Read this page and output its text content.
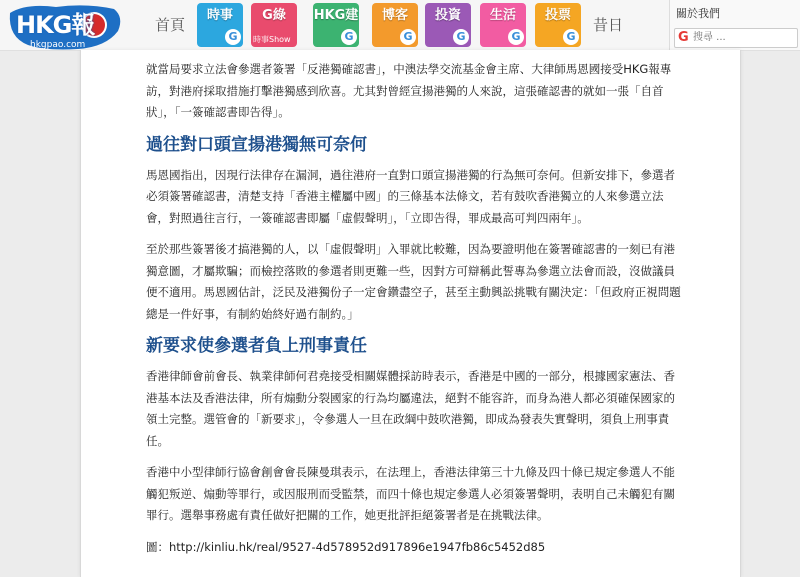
HKG報
hkgpao.com
首頁
時事
G
G綠
時事Show
HKG建
G
博客
G
投資
G
生活
G
投票
G
昔日
關於我們
G
搜尋 ...

就當局要求立法會參選者簽署「反港獨確認書」，中澳法學交流基金會主席、大律師馬恩國接受HKG報專訪，對港府採取措施打擊港獨感到欣喜。尤其對曾經宣揚港獨的人來說，這張確認書的就如一張「自首狀」，「一簽確認書即告得」。

過往對口頭宣揚港獨無可奈何

馬恩國指出，因現行法律存在漏洞，過往港府一直對口頭宣揚港獨的行為無可奈何。但新安排下，參選者必須簽署確認書，清楚支持「香港主權屬中國」的三條基本法條文，若有鼓吹香港獨立的人來參選立法會，對照過往言行，一簽確認書即屬「虛假聲明」，「立即告得，罪成最高可判四兩年」。

至於那些簽署後才搞港獨的人，以「虛假聲明」入罪就比較難，因為要證明他在簽署確認書的一刻已有港獨意圖，才屬欺騙；而檢控落敗的參選者則更難一些，因對方可辯稱此誓專為參選立法會而設，沒做議員便不適用。馬恩國估計，泛民及港獨份子一定會鑽盡空子，甚至主動興訟挑戰有關決定：「但政府正視問題總是一件好事，有制約始終好過冇制約。」

新要求使參選者負上刑事責任

香港律師會前會長、執業律師何君堯接受相關媒體採訪時表示，香港是中國的一部分，根據國家憲法、香港基本法及香港法律，所有煽動分裂國家的行為均屬違法，絕對不能容許，而身為港人都必須確保國家的領土完整。選管會的「新要求」，令參選人一旦在政綱中鼓吹港獨，即成為發表失實聲明，須負上刑事責任。

香港中小型律師行協會創會會長陳曼琪表示，在法理上，香港法律第三十九條及四十條已規定參選人不能觸犯叛逆、煽動等罪行，或因服刑而受監禁，而四十條也規定參選人必須簽署聲明，表明自己未觸犯有關罪行。選舉事務處有責任做好把關的工作，她更批評拒絕簽署者是在挑戰法律。

圖：http://kinliu.hk/real/9527-4d578952d917896e1947fb86c5452d85
